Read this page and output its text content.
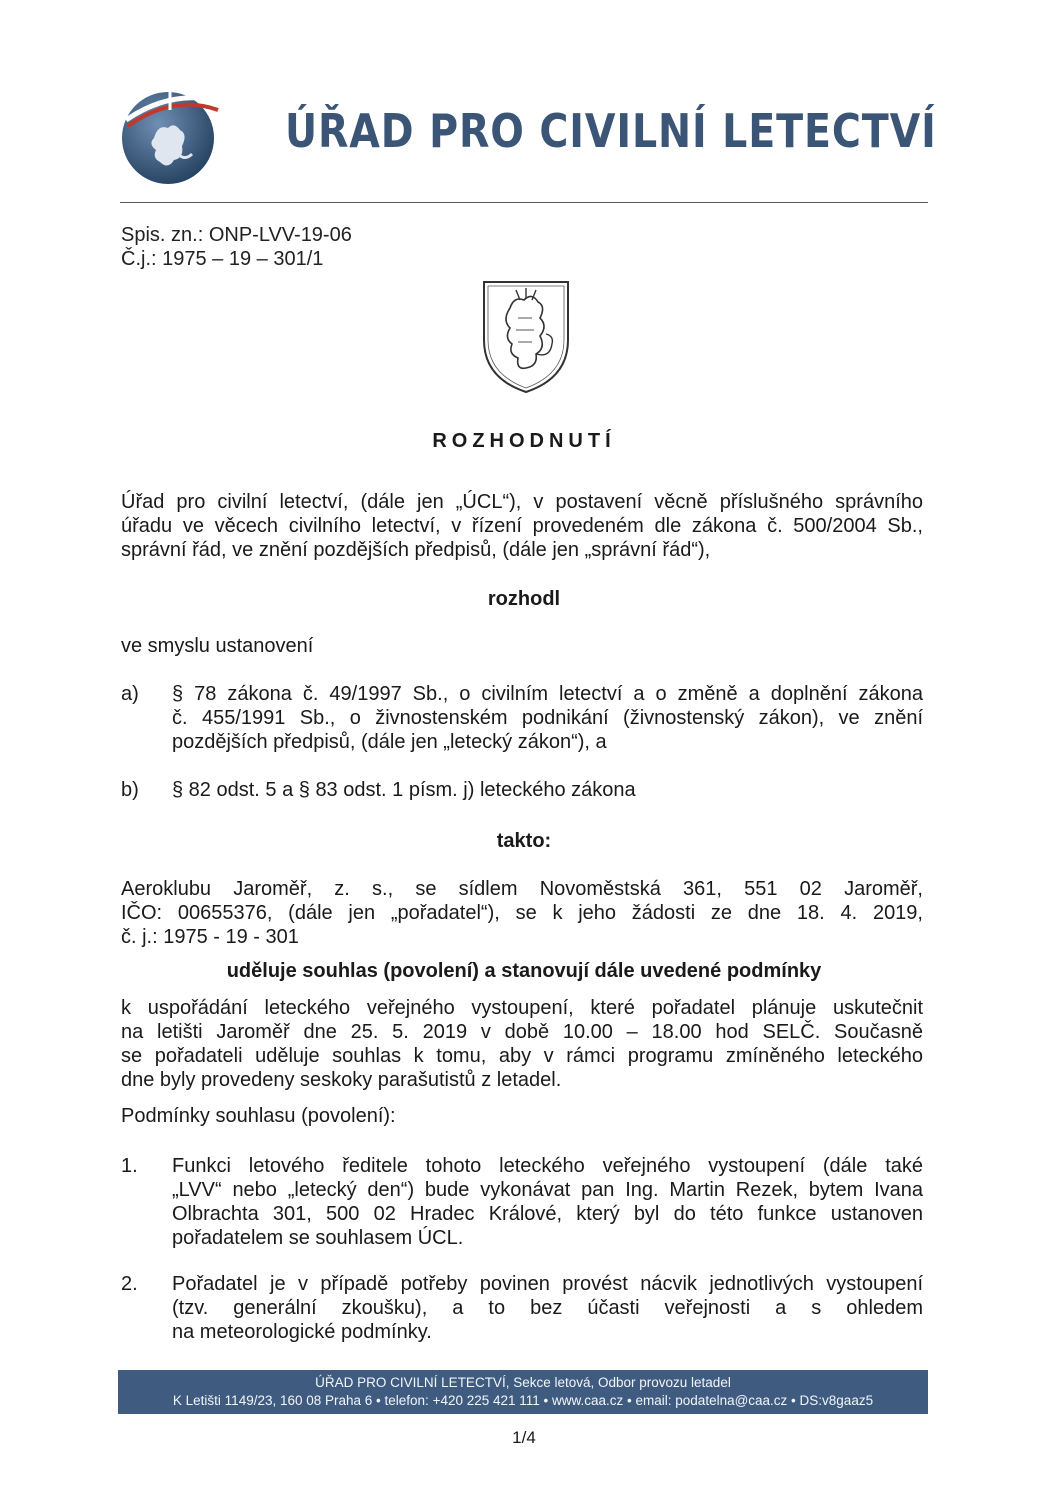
ÚŘAD PRO CIVILNÍ LETECTVÍ
Spis. zn.: ONP-LVV-19-06
Č.j.: 1975 – 19 – 301/1
ROZHODNUTÍ
Úřad pro civilní letectví, (dále jen „ÚCL“), v postavení věcně příslušného správního
úřadu ve věcech civilního letectví, v řízení provedeném dle zákona č. 500/2004 Sb.,
správní řád, ve znění pozdějších předpisů, (dále jen „správní řád“),
rozhodl
ve smyslu ustanovení
a) § 78 zákona č. 49/1997 Sb., o civilním letectví a o změně a doplnění zákona
č. 455/1991 Sb., o živnostenském podnikání (živnostenský zákon), ve znění
pozdějších předpisů, (dále jen „letecký zákon“), a
b) § 82 odst. 5 a § 83 odst. 1 písm. j) leteckého zákona
takto:
Aeroklubu Jaroměř, z. s., se sídlem Novoměstská 361, 551 02 Jaroměř,
IČO: 00655376, (dále jen „pořadatel“), se k jeho žádosti ze dne 18. 4. 2019,
č. j.: 1975 - 19 - 301
uděluje souhlas (povolení) a stanovují dále uvedené podmínky
k uspořádání leteckého veřejného vystoupení, které pořadatel plánuje uskutečnit
na letišti Jaroměř dne 25. 5. 2019 v době 10.00 – 18.00 hod SELČ. Současně
se pořadateli uděluje souhlas k tomu, aby v rámci programu zmíněného leteckého
dne byly provedeny seskoky parašutistů z letadel.
Podmínky souhlasu (povolení):
1. Funkci letového ředitele tohoto leteckého veřejného vystoupení (dále také
„LVV“ nebo „letecký den“) bude vykonávat pan Ing. Martin Rezek, bytem Ivana
Olbrachta 301, 500 02 Hradec Králové, který byl do této funkce ustanoven
pořadatelem se souhlasem ÚCL.
2. Pořadatel je v případě potřeby povinen provést nácvik jednotlivých vystoupení
(tzv. generální zkoušku), a to bez účasti veřejnosti a s ohledem
na meteorologické podmínky.
ÚŘAD PRO CIVILNÍ LETECTVÍ, Sekce letová, Odbor provozu letadel
K Letišti 1149/23, 160 08 Praha 6 • telefon: +420 225 421 111 • www.caa.cz • email: podatelna@caa.cz • DS:v8gaaz5
1/4
